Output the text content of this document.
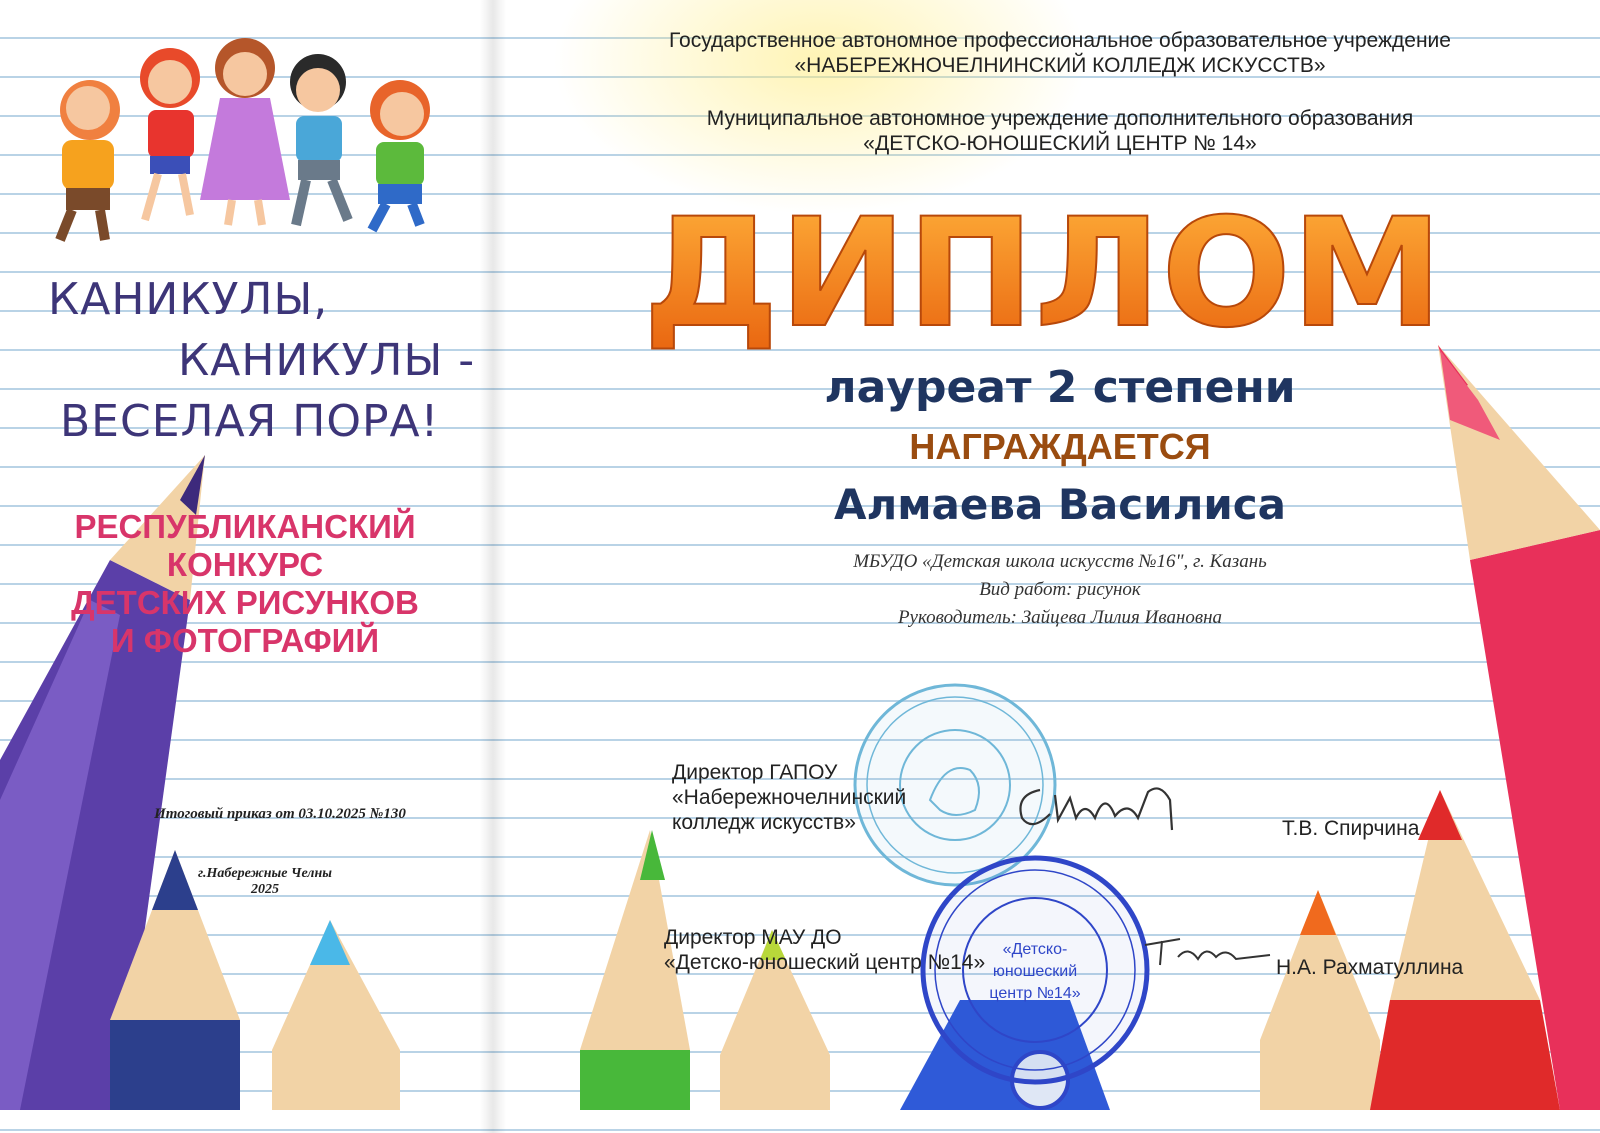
«Детско-
юношеский
центр №14»
Государственное автономное профессиональное образовательное учреждение
«НАБЕРЕЖНОЧЕЛНИНСКИЙ КОЛЛЕДЖ ИСКУССТВ»
Муниципальное автономное учреждение дополнительного образования
«ДЕТСКО-ЮНОШЕСКИЙ ЦЕНТР № 14»
ДИПЛОМ
лауреат 2 степени
НАГРАЖДАЕТСЯ
Алмаева Василиса
МБУДО «Детская школа искусств №16", г. Казань
Вид работ: рисунок
Руководитель: Зайцева Лилия Ивановна
Директор ГАПОУ
«Набережночелнинский
колледж искусств»	Т.В. Спирчина
Директор МАУ ДО
«Детско-юношеский центр №14»	Н.А. Рахматуллина
КАНИКУЛЫ,
КАНИКУЛЫ -
ВЕСЕЛАЯ ПОРА!
РЕСПУБЛИКАНСКИЙ
КОНКУРС
ДЕТСКИХ РИСУНКОВ
И ФОТОГРАФИЙ
Итоговый приказ от 03.10.2025 №130
г.Набережные Челны
2025
